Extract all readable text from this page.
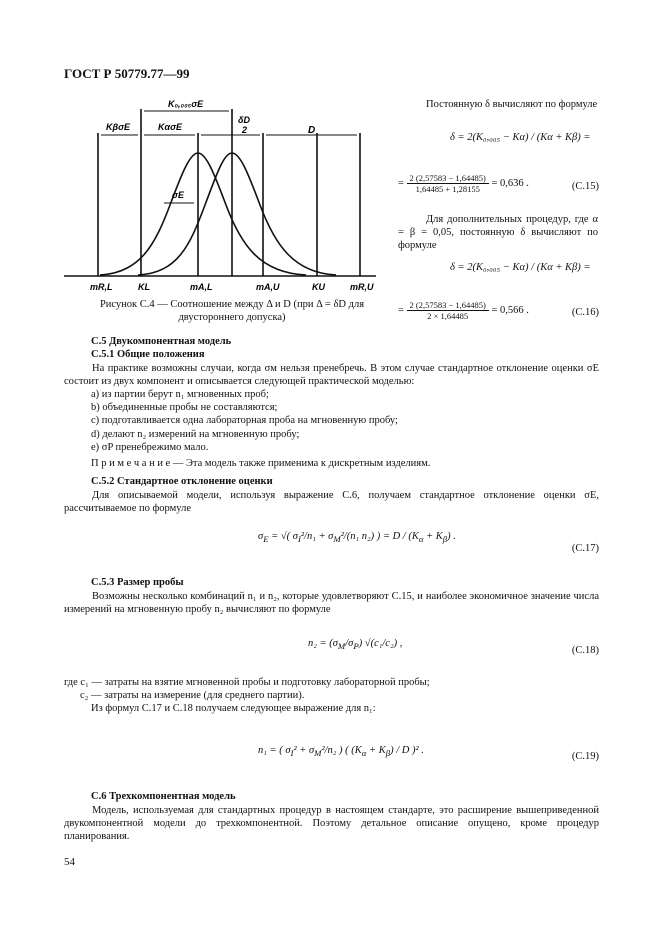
ГОСТ Р 50779.77—99
K₀,₀₀₅σE
δD
2
KβσE	KασE	D
σE
mR,L	KL	mA,L	mA,U	KU	mR,U
Рисунок С.4 — Соотношение между Δ и D (при Δ = δD для
двустороннего допуска)
Постоянную δ вычисляют по формуле
δ = 2(K₀,₀₀₅ − Kα) / (Kα + Kβ) =
= $\frac{2 (2,57583 - 1,64485)}{1,64485 + 1,28155} = 0,636$ .	(С.15)
Для дополнительных процедур, где α = β = 0,05, постоянную δ вычисляют по формуле
δ = 2(K₀,₀₀₅ − Kα) / (Kα + Kβ) =
= $\frac{2 (2,57583 - 1,64485)}{2 \times 1,64485} = 0,566$ .	(С.16)
С.5 Двукомпонентная модель
С.5.1 Общие положения
На практике возможны случаи, когда σм нельзя пренебречь. В этом случае стандартное отклонение оценки σE состоит из двух компонент и описывается следующей практической моделью:
a) из партии берут n₁ мгновенных проб;
b) объединенные пробы не составляются;
c) подготавливается одна лабораторная проба на мгновенную пробу;
d) делают n₂ измерений на мгновенную пробу;
e) σP пренебрежимо мало.
П р и м е ч а н и е — Эта модель также применима к дискретным изделиям.
С.5.2 Стандартное отклонение оценки
Для описываемой модели, используя выражение С.6, получаем стандартное отклонение оценки σE, рассчитываемое по формуле
$\sigma_E$ = √( $\sigma_I^2/n_1 + \sigma_M^2/(n_1$ n₂) ) = $D / (K_\alpha + K_\beta)$ .
(С.17)
С.5.3 Размер пробы
Возможны несколько комбинаций n₁ и n₂, которые удовлетворяют С.15, и наиболее экономичное значение числа измерений на мгновенную пробу n₂ вычисляют по формуле
$n_2 = (\sigma_M/\sigma_P)$ √(c₁/c₂) ,
(С.18)
где c₁ — затраты на взятие мгновенной пробы и подготовку лабораторной пробы;
c₂ — затраты на измерение (для среднего партии).
Из формул С.17 и С.18 получаем следующее выражение для n₁:
n₁ = ( $\sigma_I^2 + \sigma_M^2/n_2$ ) ( $(K_\alpha + K_\beta) / D$ )² .
(С.19)
С.6 Трехкомпонентная модель
Модель, используемая для стандартных процедур в настоящем стандарте, это расширение вышеприведенной двукомпонентной модели до трехкомпонентной. Поэтому детальное описание опущено, кроме процедур планирования.
54
